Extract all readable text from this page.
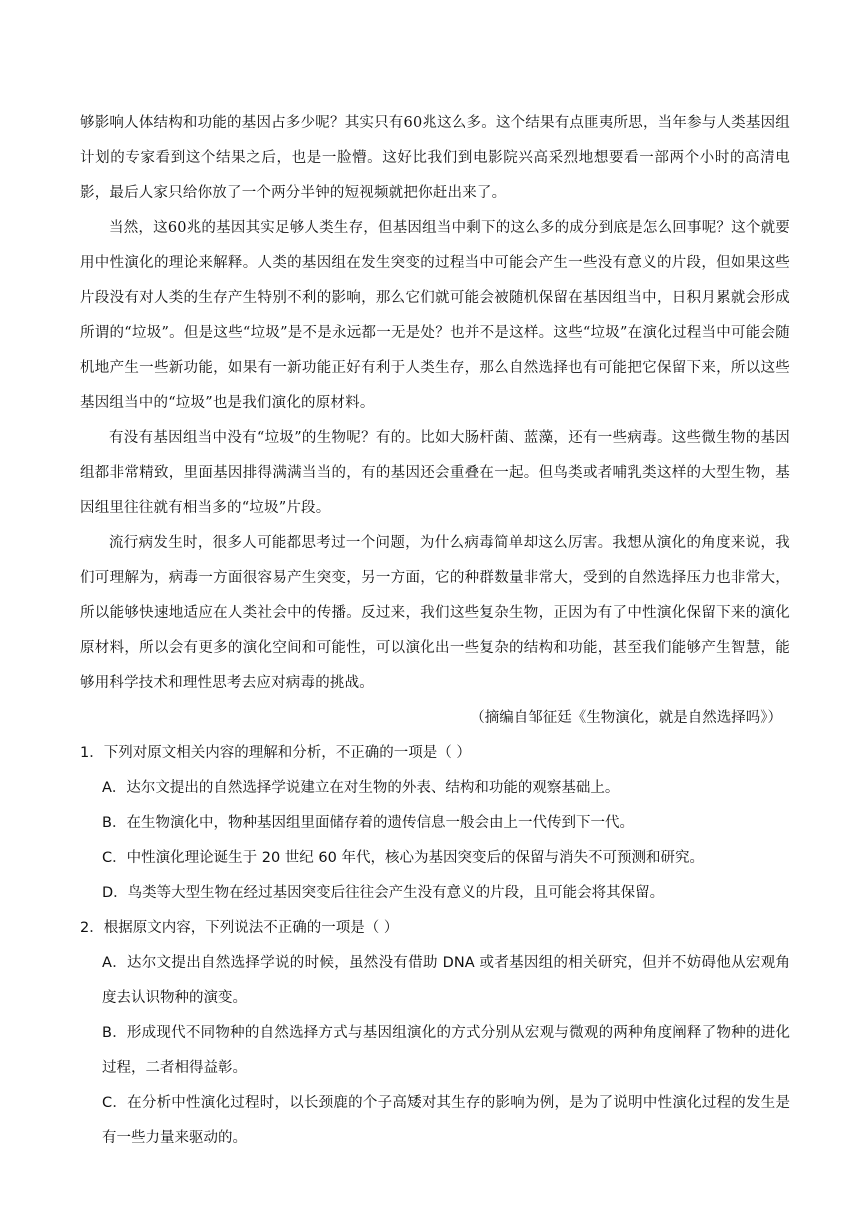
够影响人体结构和功能的基因占多少呢？其实只有60兆这么多。这个结果有点匪夷所思，当年参与人类基因组计划的专家看到这个结果之后，也是一脸懵。这好比我们到电影院兴高采烈地想要看一部两个小时的高清电影，最后人家只给你放了一个两分半钟的短视频就把你赶出来了。

当然，这60兆的基因其实足够人类生存，但基因组当中剩下的这么多的成分到底是怎么回事呢？这个就要用中性演化的理论来解释。人类的基因组在发生突变的过程当中可能会产生一些没有意义的片段，但如果这些片段没有对人类的生存产生特别不利的影响，那么它们就可能会被随机保留在基因组当中，日积月累就会形成所谓的“垃圾”。但是这些“垃圾”是不是永远都一无是处？也并不是这样。这些“垃圾”在演化过程当中可能会随机地产生一些新功能，如果有一新功能正好有利于人类生存，那么自然选择也有可能把它保留下来，所以这些基因组当中的“垃圾”也是我们演化的原材料。

有没有基因组当中没有“垃圾”的生物呢？有的。比如大肠杆菌、蓝藻，还有一些病毒。这些微生物的基因组都非常精致，里面基因排得满满当当的，有的基因还会重叠在一起。但鸟类或者哺乳类这样的大型生物，基因组里往往就有相当多的“垃圾”片段。

流行病发生时，很多人可能都思考过一个问题，为什么病毒简单却这么厉害。我想从演化的角度来说，我们可理解为，病毒一方面很容易产生突变，另一方面，它的种群数量非常大，受到的自然选择压力也非常大，所以能够快速地适应在人类社会中的传播。反过来，我们这些复杂生物，正因为有了中性演化保留下来的演化原材料，所以会有更多的演化空间和可能性，可以演化出一些复杂的结构和功能，甚至我们能够产生智慧，能够用科学技术和理性思考去应对病毒的挑战。

（摘编自邹征廷《生物演化，就是自然选择吗》）

1．下列对原文相关内容的理解和分析，不正确的一项是（ ）

A．达尔文提出的自然选择学说建立在对生物的外表、结构和功能的观察基础上。

B．在生物演化中，物种基因组里面储存着的遗传信息一般会由上一代传到下一代。

C．中性演化理论诞生于 20 世纪 60 年代，核心为基因突变后的保留与消失不可预测和研究。

D．鸟类等大型生物在经过基因突变后往往会产生没有意义的片段，且可能会将其保留。

2．根据原文内容，下列说法不正确的一项是（ ）

A．达尔文提出自然选择学说的时候，虽然没有借助 DNA 或者基因组的相关研究，但并不妨碍他从宏观角度去认识物种的演变。

B．形成现代不同物种的自然选择方式与基因组演化的方式分别从宏观与微观的两种角度阐释了物种的进化过程，二者相得益彰。

C．在分析中性演化过程时，以长颈鹿的个子高矮对其生存的影响为例，是为了说明中性演化过程的发生是有一些力量来驱动的。
